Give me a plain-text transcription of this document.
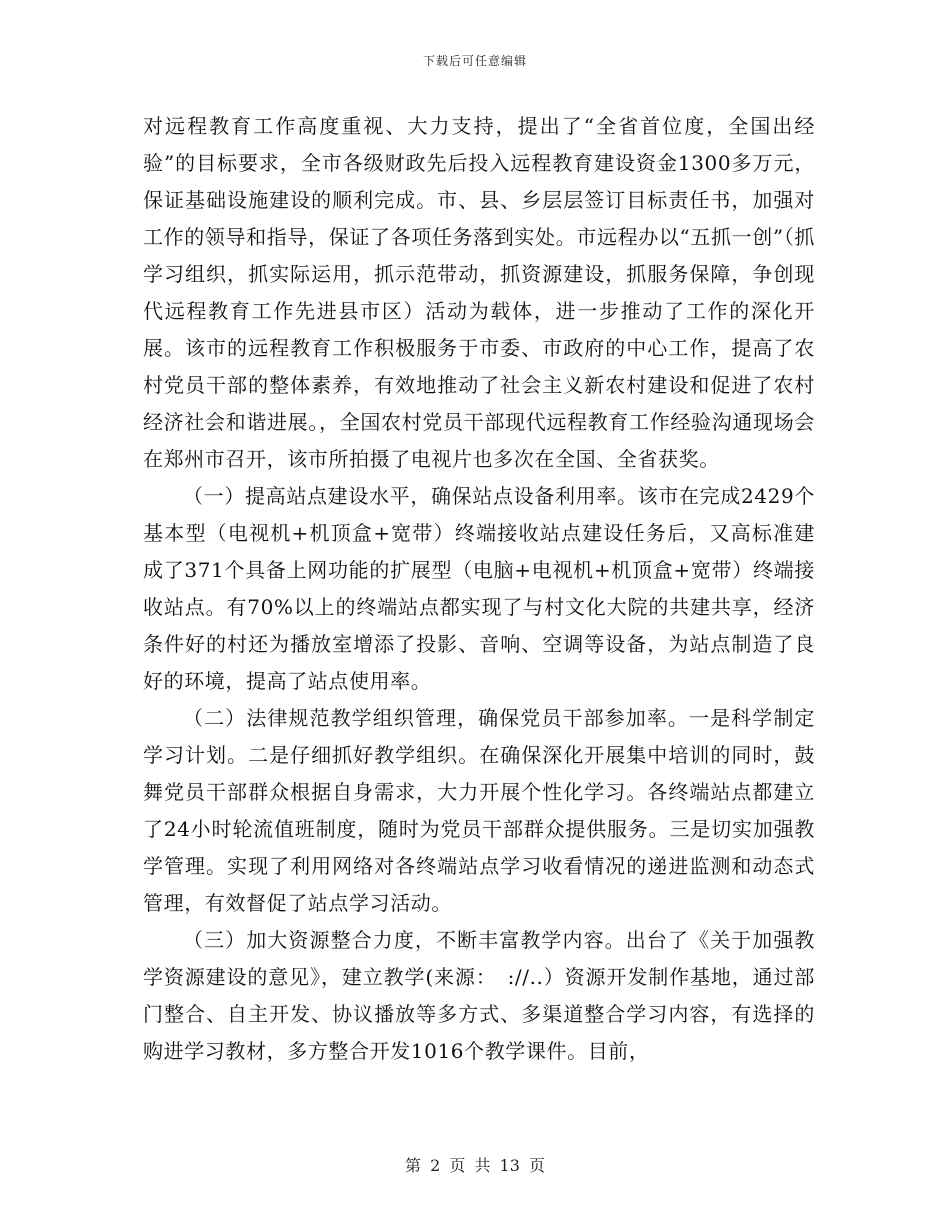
下载后可任意编辑

对远程教育工作高度重视、大力支持，提出了“全省首位度，全国出经验”的目标要求，全市各级财政先后投入远程教育建设资金1300多万元，保证基础设施建设的顺利完成。市、县、乡层层签订目标责任书，加强对工作的领导和指导，保证了各项任务落到实处。市远程办以“五抓一创”（抓学习组织，抓实际运用，抓示范带动，抓资源建设，抓服务保障，争创现代远程教育工作先进县市区）活动为载体，进一步推动了工作的深化开展。该市的远程教育工作积极服务于市委、市政府的中心工作，提高了农村党员干部的整体素养，有效地推动了社会主义新农村建设和促进了农村经济社会和谐进展。，全国农村党员干部现代远程教育工作经验沟通现场会在郑州市召开，该市所拍摄了电视片也多次在全国、全省获奖。

（一）提高站点建设水平，确保站点设备利用率。该市在完成2429个基本型（电视机+机顶盒+宽带）终端接收站点建设任务后，又高标准建成了371个具备上网功能的扩展型（电脑+电视机+机顶盒+宽带）终端接收站点。有70%以上的终端站点都实现了与村文化大院的共建共享，经济条件好的村还为播放室增添了投影、音响、空调等设备，为站点制造了良好的环境，提高了站点使用率。

（二）法律规范教学组织管理，确保党员干部参加率。一是科学制定学习计划。二是仔细抓好教学组织。在确保深化开展集中培训的同时，鼓舞党员干部群众根据自身需求，大力开展个性化学习。各终端站点都建立了24小时轮流值班制度，随时为党员干部群众提供服务。三是切实加强教学管理。实现了利用网络对各终端站点学习收看情况的递进监测和动态式管理，有效督促了站点学习活动。

（三）加大资源整合力度，不断丰富教学内容。出台了《关于加强教学资源建设的意见》，建立教学(来源：　://..）资源开发制作基地，通过部门整合、自主开发、协议播放等多方式、多渠道整合学习内容，有选择的购进学习教材，多方整合开发1016个教学课件。目前，

第 2 页 共 13 页
